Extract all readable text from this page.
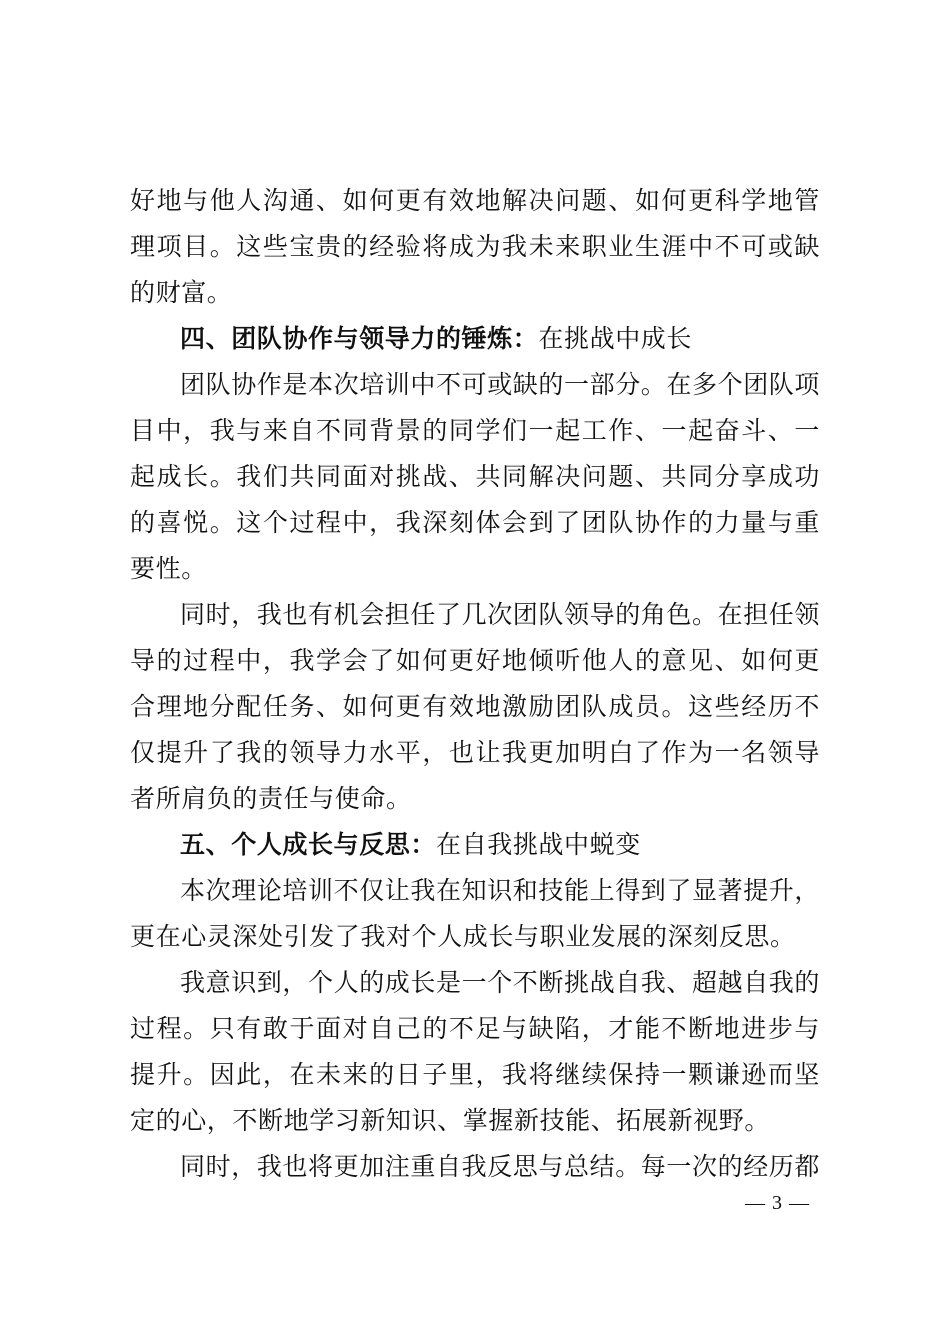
好地与他人沟通、如何更有效地解决问题、如何更科学地管理项目。这些宝贵的经验将成为我未来职业生涯中不可或缺的财富。

四、团队协作与领导力的锤炼：在挑战中成长

团队协作是本次培训中不可或缺的一部分。在多个团队项目中，我与来自不同背景的同学们一起工作、一起奋斗、一起成长。我们共同面对挑战、共同解决问题、共同分享成功的喜悦。这个过程中，我深刻体会到了团队协作的力量与重要性。

同时，我也有机会担任了几次团队领导的角色。在担任领导的过程中，我学会了如何更好地倾听他人的意见、如何更合理地分配任务、如何更有效地激励团队成员。这些经历不仅提升了我的领导力水平，也让我更加明白了作为一名领导者所肩负的责任与使命。

五、个人成长与反思：在自我挑战中蜕变

本次理论培训不仅让我在知识和技能上得到了显著提升，更在心灵深处引发了我对个人成长与职业发展的深刻反思。

我意识到，个人的成长是一个不断挑战自我、超越自我的过程。只有敢于面对自己的不足与缺陷，才能不断地进步与提升。因此，在未来的日子里，我将继续保持一颗谦逊而坚定的心，不断地学习新知识、掌握新技能、拓展新视野。

同时，我也将更加注重自我反思与总结。每一次的经历都

— 3 —
